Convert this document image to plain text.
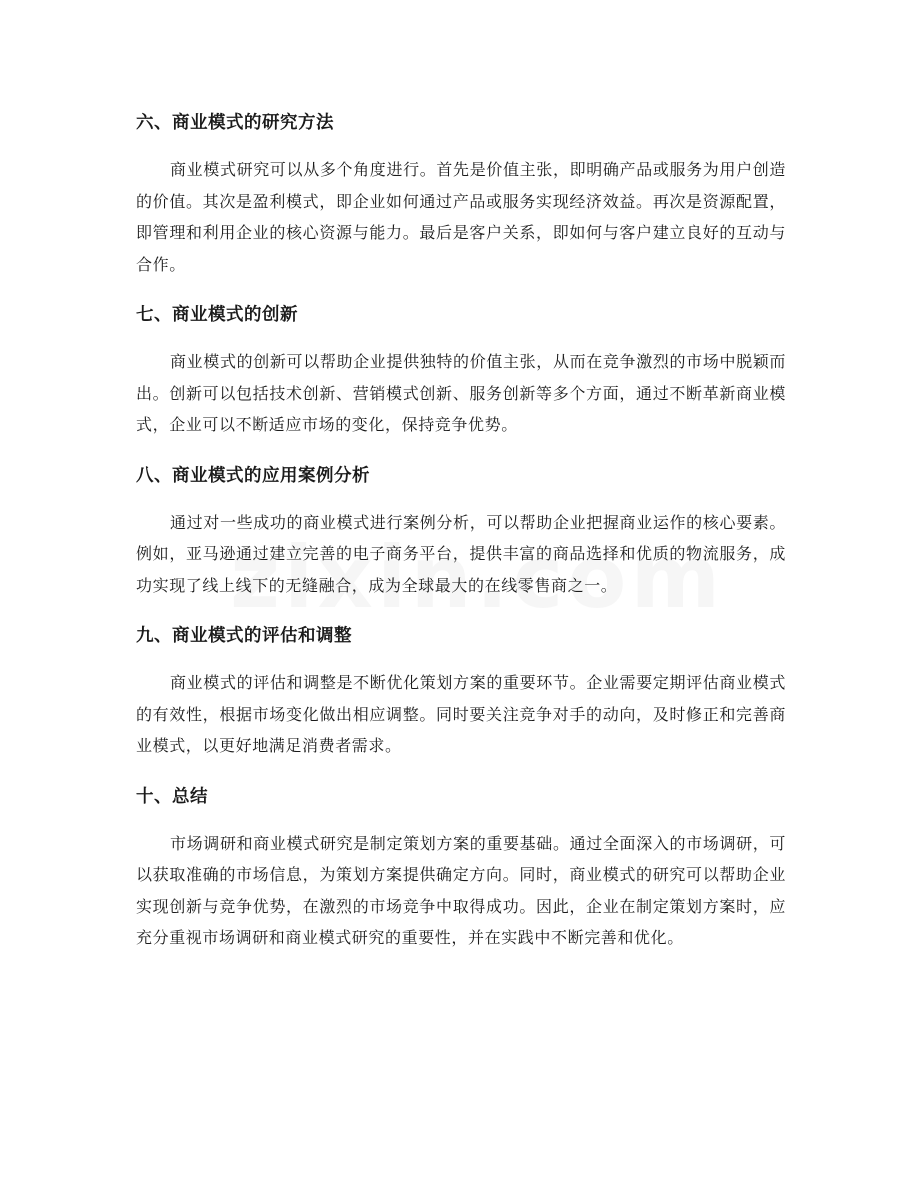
六、商业模式的研究方法

商业模式研究可以从多个角度进行。首先是价值主张，即明确产品或服务为用户创造的价值。其次是盈利模式，即企业如何通过产品或服务实现经济效益。再次是资源配置，即管理和利用企业的核心资源与能力。最后是客户关系，即如何与客户建立良好的互动与合作。

七、商业模式的创新

商业模式的创新可以帮助企业提供独特的价值主张，从而在竞争激烈的市场中脱颖而出。创新可以包括技术创新、营销模式创新、服务创新等多个方面，通过不断革新商业模式，企业可以不断适应市场的变化，保持竞争优势。

八、商业模式的应用案例分析

通过对一些成功的商业模式进行案例分析，可以帮助企业把握商业运作的核心要素。例如，亚马逊通过建立完善的电子商务平台，提供丰富的商品选择和优质的物流服务，成功实现了线上线下的无缝融合，成为全球最大的在线零售商之一。

九、商业模式的评估和调整

商业模式的评估和调整是不断优化策划方案的重要环节。企业需要定期评估商业模式的有效性，根据市场变化做出相应调整。同时要关注竞争对手的动向，及时修正和完善商业模式，以更好地满足消费者需求。

十、总结

市场调研和商业模式研究是制定策划方案的重要基础。通过全面深入的市场调研，可以获取准确的市场信息，为策划方案提供确定方向。同时，商业模式的研究可以帮助企业实现创新与竞争优势，在激烈的市场竞争中取得成功。因此，企业在制定策划方案时，应充分重视市场调研和商业模式研究的重要性，并在实践中不断完善和优化。
